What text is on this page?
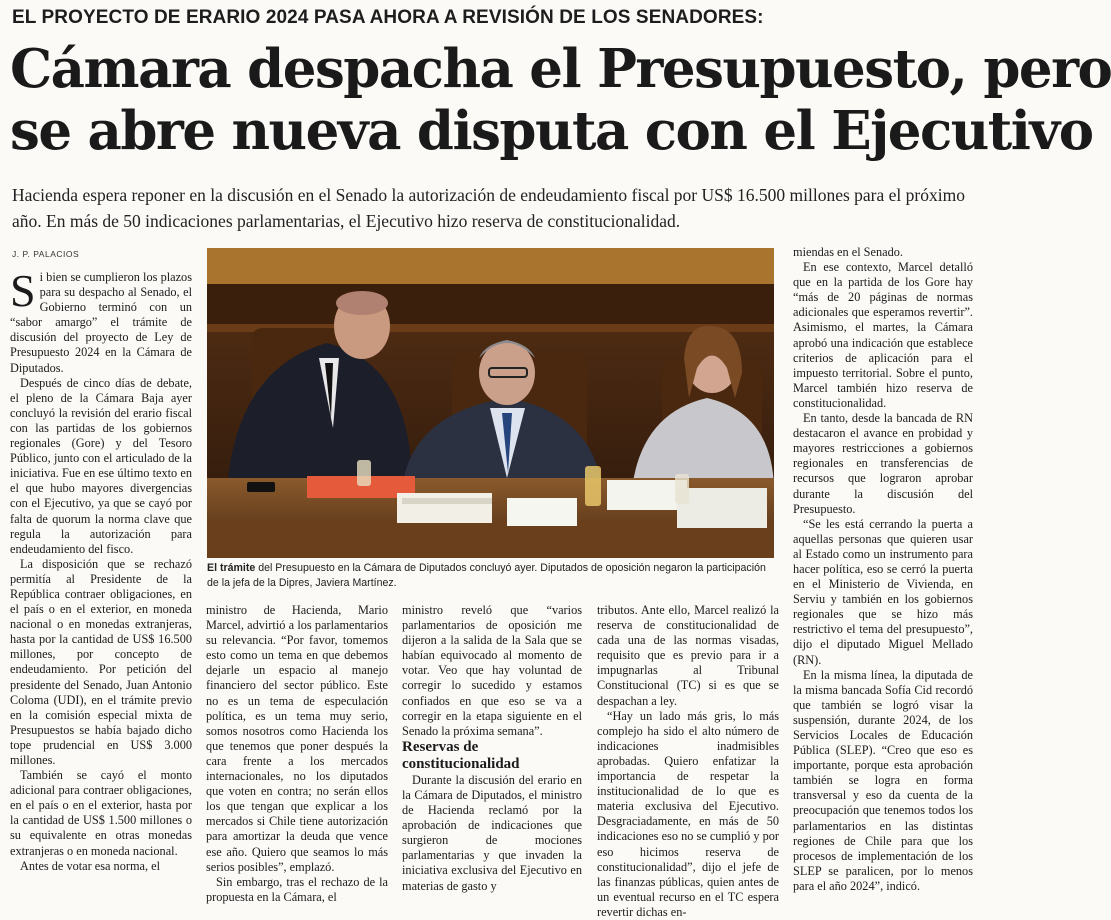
EL PROYECTO DE ERARIO 2024 PASA AHORA A REVISIÓN DE LOS SENADORES:
Cámara despacha el Presupuesto, pero
se abre nueva disputa con el Ejecutivo

Hacienda espera reponer en la discusión en el Senado la autorización de endeudamiento fiscal por US$ 16.500 millones para el próximo año. En más de 50 indicaciones parlamentarias, el Ejecutivo hizo reserva de constitucionalidad.

J. P. PALACIOS

Si bien se cumplieron los plazos para su despacho al Senado, el Gobierno terminó con un “sabor amargo” el trámite de discusión del proyecto de Ley de Presupuesto 2024 en la Cámara de Diputados.

Después de cinco días de debate, el pleno de la Cámara Baja ayer concluyó la revisión del erario fiscal con las partidas de los gobiernos regionales (Gore) y del Tesoro Público, junto con el articulado de la iniciativa. Fue en ese último texto en el que hubo mayores divergencias con el Ejecutivo, ya que se cayó por falta de quorum la norma clave que regula la autorización para endeudamiento del fisco.

La disposición que se rechazó permitía al Presidente de la República contraer obligaciones, en el país o en el exterior, en moneda nacional o en monedas extranjeras, hasta por la cantidad de US$ 16.500 millones, por concepto de endeudamiento. Por petición del presidente del Senado, Juan Antonio Coloma (UDI), en el trámite previo en la comisión especial mixta de Presupuestos se había bajado dicho tope prudencial en US$ 3.000 millones.

También se cayó el monto adicional para contraer obligaciones, en el país o en el exterior, hasta por la cantidad de US$ 1.500 millones o su equivalente en otras monedas extranjeras o en moneda nacional.

Antes de votar esa norma, el

El trámite del Presupuesto en la Cámara de Diputados concluyó ayer. Diputados de oposición negaron la participación de la jefa de la Dipres, Javiera Martínez.

ministro de Hacienda, Mario Marcel, advirtió a los parlamentarios su relevancia. “Por favor, tomemos esto como un tema en que debemos dejarle un espacio al manejo financiero del sector público. Este no es un tema de especulación política, es un tema muy serio, somos nosotros como Hacienda los que tenemos que poner después la cara frente a los mercados internacionales, no los diputados que voten en contra; no serán ellos los que tengan que explicar a los mercados si Chile tiene autorización para amortizar la deuda que vence ese año. Quiero que seamos lo más serios posibles”, emplazó.

Sin embargo, tras el rechazo de la propuesta en la Cámara, el

ministro reveló que “varios parlamentarios de oposición me dijeron a la salida de la Sala que se habían equivocado al momento de votar. Veo que hay voluntad de corregir lo sucedido y estamos confiados en que eso se va a corregir en la etapa siguiente en el Senado la próxima semana”.

Reservas de constitucionalidad

Durante la discusión del erario en la Cámara de Diputados, el ministro de Hacienda reclamó por la aprobación de indicaciones que surgieron de mociones parlamentarias y que invaden la iniciativa exclusiva del Ejecutivo en materias de gasto y

tributos. Ante ello, Marcel realizó la reserva de constitucionalidad de cada una de las normas visadas, requisito que es previo para ir a impugnarlas al Tribunal Constitucional (TC) si es que se despachan a ley.

“Hay un lado más gris, lo más complejo ha sido el alto número de indicaciones inadmisibles aprobadas. Quiero enfatizar la importancia de respetar la institucionalidad de lo que es materia exclusiva del Ejecutivo. Desgraciadamente, en más de 50 indicaciones eso no se cumplió y por eso hicimos reserva de constitucionalidad”, dijo el jefe de las finanzas públicas, quien antes de un eventual recurso en el TC espera revertir dichas en-

miendas en el Senado.

En ese contexto, Marcel detalló que en la partida de los Gore hay “más de 20 páginas de normas adicionales que esperamos revertir”. Asimismo, el martes, la Cámara aprobó una indicación que establece criterios de aplicación para el impuesto territorial. Sobre el punto, Marcel también hizo reserva de constitucionalidad.

En tanto, desde la bancada de RN destacaron el avance en probidad y mayores restricciones a gobiernos regionales en transferencias de recursos que lograron aprobar durante la discusión del Presupuesto.

“Se les está cerrando la puerta a aquellas personas que quieren usar al Estado como un instrumento para hacer política, eso se cerró la puerta en el Ministerio de Vivienda, en Serviu y también en los gobiernos regionales que se hizo más restrictivo el tema del presupuesto”, dijo el diputado Miguel Mellado (RN).

En la misma línea, la diputada de la misma bancada Sofía Cid recordó que también se logró visar la suspensión, durante 2024, de los Servicios Locales de Educación Pública (SLEP). “Creo que eso es importante, porque esta aprobación también se logra en forma transversal y eso da cuenta de la preocupación que tenemos todos los parlamentarios en las distintas regiones de Chile para que los procesos de implementación de los SLEP se paralicen, por lo menos para el año 2024”, indicó.
